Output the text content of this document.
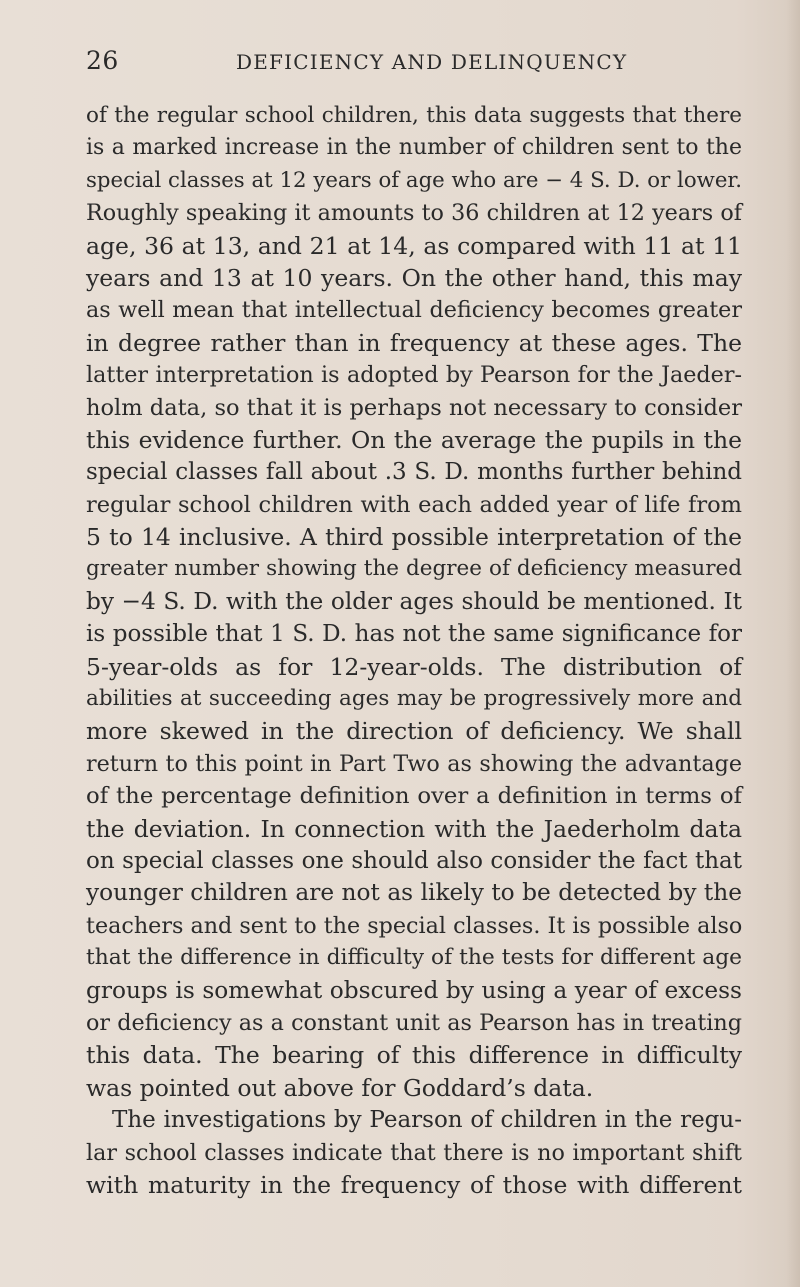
26	DEFICIENCY AND DELINQUENCY
of the regular school children, this data suggests that there
is a marked increase in the number of children sent to the
special classes at 12 years of age who are − 4 S. D. or lower.
Roughly speaking it amounts to 36 children at 12 years of
age, 36 at 13, and 21 at 14, as compared with 11 at 11
years and 13 at 10 years. On the other hand, this may
as well mean that intellectual deficiency becomes greater
in degree rather than in frequency at these ages. The
latter interpretation is adopted by Pearson for the Jaeder-
holm data, so that it is perhaps not necessary to consider
this evidence further. On the average the pupils in the
special classes fall about .3 S. D. months further behind
regular school children with each added year of life from
5 to 14 inclusive. A third possible interpretation of the
greater number showing the degree of deficiency measured
by −4 S. D. with the older ages should be mentioned. It
is possible that 1 S. D. has not the same significance for
5-year-olds as for 12-year-olds. The distribution of
abilities at succeeding ages may be progressively more and
more skewed in the direction of deficiency. We shall
return to this point in Part Two as showing the advantage
of the percentage definition over a definition in terms of
the deviation. In connection with the Jaederholm data
on special classes one should also consider the fact that
younger children are not as likely to be detected by the
teachers and sent to the special classes. It is possible also
that the difference in difficulty of the tests for different age
groups is somewhat obscured by using a year of excess
or deficiency as a constant unit as Pearson has in treating
this data. The bearing of this difference in difficulty
was pointed out above for Goddard’s data.
The investigations by Pearson of children in the regu-
lar school classes indicate that there is no important shift
with maturity in the frequency of those with different
